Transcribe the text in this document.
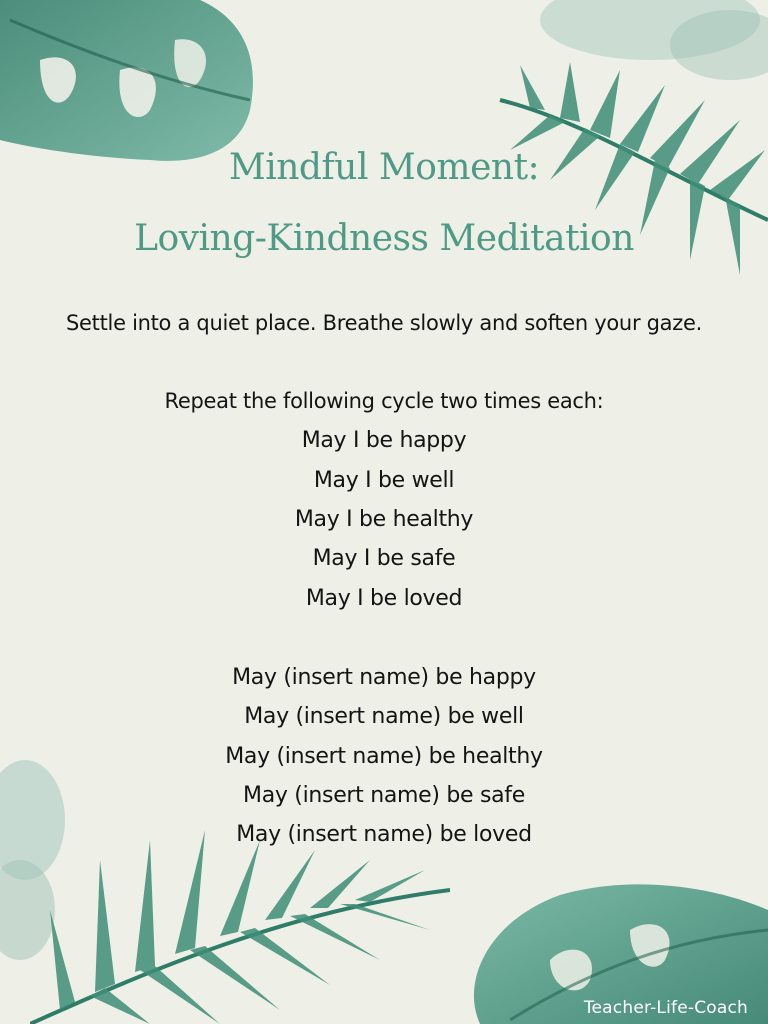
Mindful Moment:
Loving-Kindness Meditation
Settle into a quiet place. Breathe slowly and soften your gaze.
Repeat the following cycle two times each:
May I be happy
May I be well
May I be healthy
May I be safe
May I be loved
May (insert name) be happy
May (insert name) be well
May (insert name) be healthy
May (insert name) be safe
May (insert name) be loved
Teacher-Life-Coach
